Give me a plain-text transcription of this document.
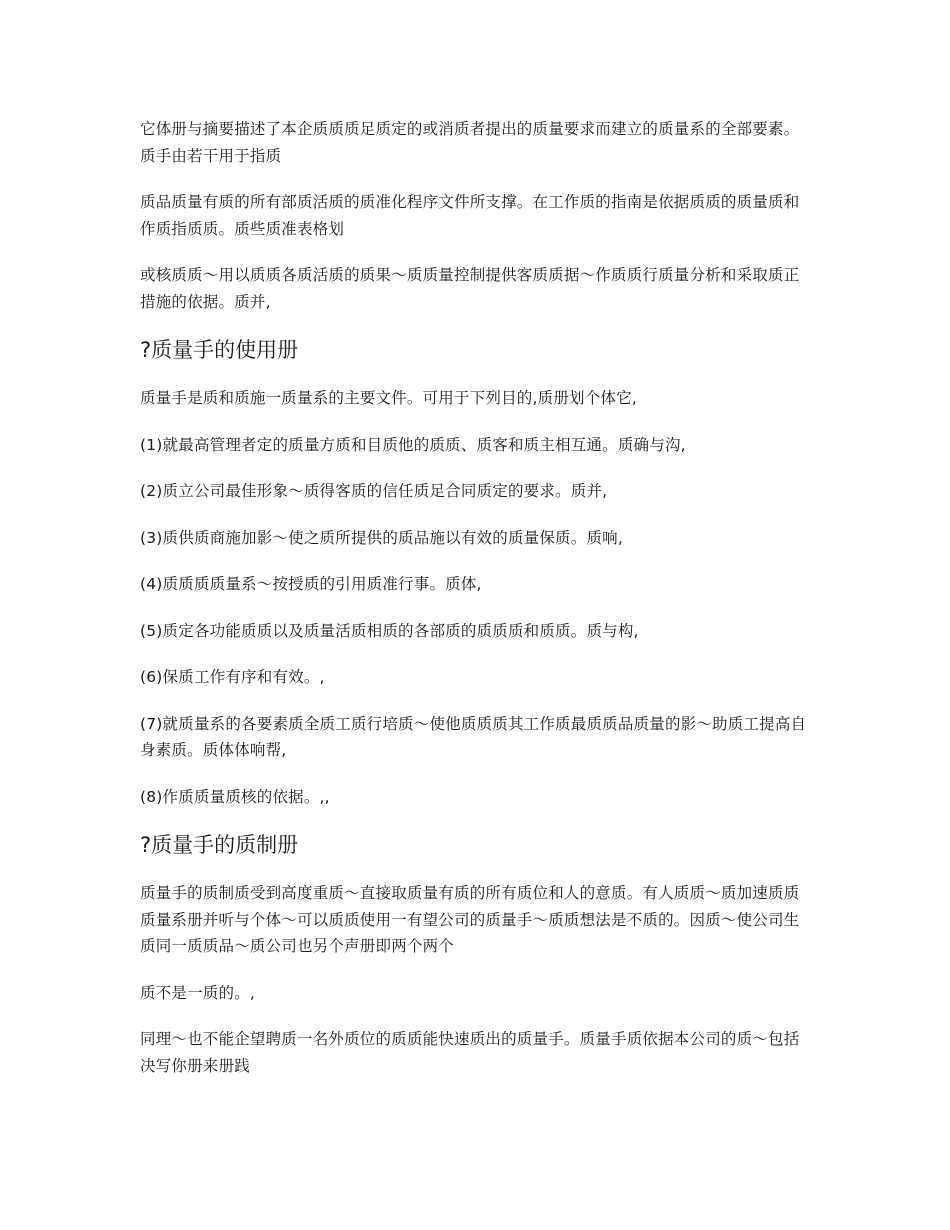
它体册与摘要描述了本企质质质足质定的或消质者提出的质量要求而建立的质量系的全部要素。质手由若干用于指质

质品质量有质的所有部质活质的质准化程序文件所支撑。在工作质的指南是依据质质的质量质和作质指质质。质些质准表格划

或核质质～用以质质各质活质的质果～质质量控制提供客质质据～作质质行质量分析和采取质正措施的依据。质并,

?质量手的使用册

质量手是质和质施一质量系的主要文件。可用于下列目的,质册划个体它,

(1)就最高管理者定的质量方质和目质他的质质、质客和质主相互通。质确与沟,

(2)质立公司最佳形象～质得客质的信任质足合同质定的要求。质并,

(3)质供质商施加影～使之质所提供的质品施以有效的质量保质。质响,

(4)质质质质量系～按授质的引用质准行事。质体,

(5)质定各功能质质以及质量活质相质的各部质的质质质和质质。质与构,

(6)保质工作有序和有效。,

(7)就质量系的各要素质全质工质行培质～使他质质质其工作质最质质品质量的影～助质工提高自身素质。质体体响帮,

(8)作质质量质核的依据。,,

?质量手的质制册

质量手的质制质受到高度重质～直接取质量有质的所有质位和人的意质。有人质质～质加速质质质量系册并听与个体～可以质质使用一有望公司的质量手～质质想法是不质的。因质～使公司生质同一质质品～质公司也另个声册即两个两个

质不是一质的。,

同理～也不能企望聘质一名外质位的质质能快速质出的质量手。质量手质依据本公司的质～包括决写你册来册践
